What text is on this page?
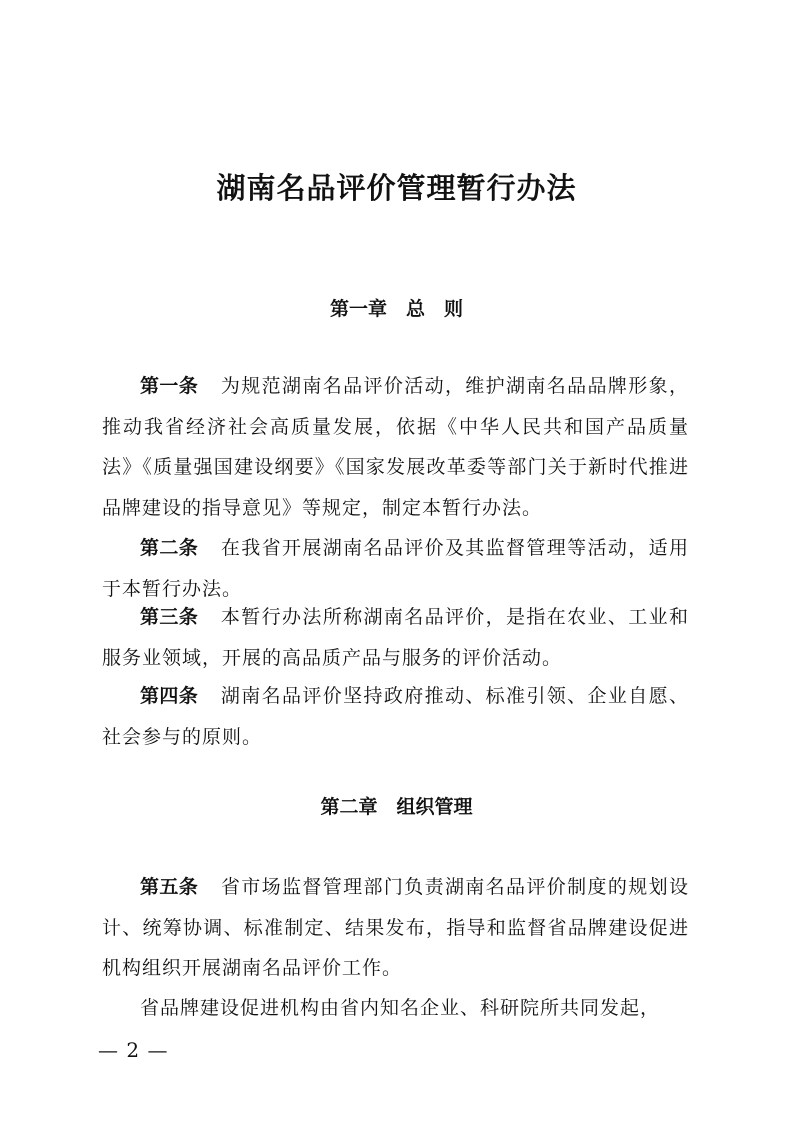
湖南名品评价管理暂行办法
第一章　总　则
第一条 为规范湖南名品评价活动，维护湖南名品品牌形象，推动我省经济社会高质量发展，依据《中华人民共和国产品质量法》《质量强国建设纲要》《国家发展改革委等部门关于新时代推进品牌建设的指导意见》等规定，制定本暂行办法。
第二条 在我省开展湖南名品评价及其监督管理等活动，适用于本暂行办法。
第三条 本暂行办法所称湖南名品评价，是指在农业、工业和服务业领域，开展的高品质产品与服务的评价活动。
第四条 湖南名品评价坚持政府推动、标准引领、企业自愿、社会参与的原则。
第二章　组织管理
第五条 省市场监督管理部门负责湖南名品评价制度的规划设计、统筹协调、标准制定、结果发布，指导和监督省品牌建设促进机构组织开展湖南名品评价工作。
省品牌建设促进机构由省内知名企业、科研院所共同发起，
— 2 —
